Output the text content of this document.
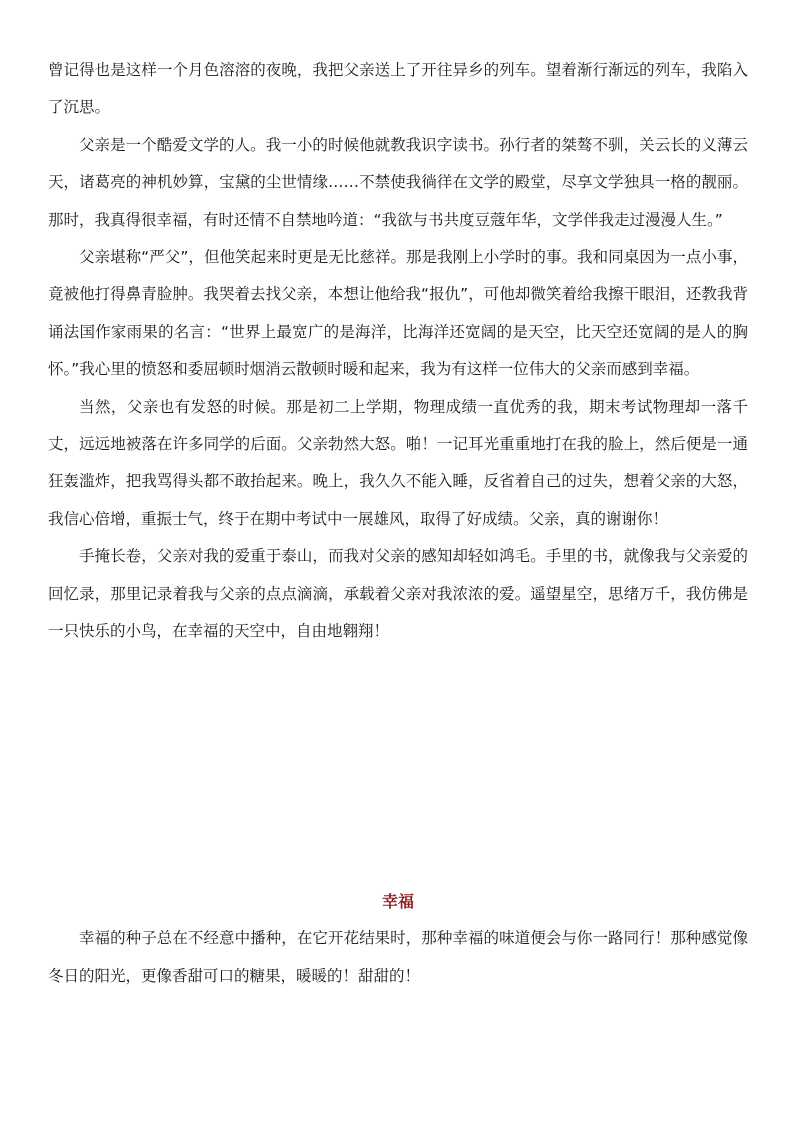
曾记得也是这样一个月色溶溶的夜晚，我把父亲送上了开往异乡的列车。望着渐行渐远的列车，我陷入了沉思。

父亲是一个酷爱文学的人。我一小的时候他就教我识字读书。孙行者的桀骜不驯，关云长的义薄云天，诸葛亮的神机妙算，宝黛的尘世情缘……不禁使我徜徉在文学的殿堂，尽享文学独具一格的靓丽。那时，我真得很幸福，有时还情不自禁地吟道：“我欲与书共度豆蔻年华，文学伴我走过漫漫人生。”

父亲堪称“严父”，但他笑起来时更是无比慈祥。那是我刚上小学时的事。我和同桌因为一点小事，竟被他打得鼻青脸肿。我哭着去找父亲，本想让他给我“报仇”，可他却微笑着给我擦干眼泪，还教我背诵法国作家雨果的名言：“世界上最宽广的是海洋，比海洋还宽阔的是天空，比天空还宽阔的是人的胸怀。”我心里的愤怒和委屈顿时烟消云散顿时暖和起来，我为有这样一位伟大的父亲而感到幸福。

当然，父亲也有发怒的时候。那是初二上学期，物理成绩一直优秀的我，期末考试物理却一落千丈，远远地被落在许多同学的后面。父亲勃然大怒。啪！一记耳光重重地打在我的脸上，然后便是一通狂轰滥炸，把我骂得头都不敢抬起来。晚上，我久久不能入睡，反省着自己的过失，想着父亲的大怒，我信心倍增，重振士气，终于在期中考试中一展雄风，取得了好成绩。父亲，真的谢谢你！

手掩长卷，父亲对我的爱重于泰山，而我对父亲的感知却轻如鸿毛。手里的书，就像我与父亲爱的回忆录，那里记录着我与父亲的点点滴滴，承载着父亲对我浓浓的爱。遥望星空，思绪万千，我仿佛是一只快乐的小鸟，在幸福的天空中，自由地翱翔！

幸福

幸福的种子总在不经意中播种，在它开花结果时，那种幸福的味道便会与你一路同行！那种感觉像冬日的阳光，更像香甜可口的糖果，暖暖的！甜甜的！
